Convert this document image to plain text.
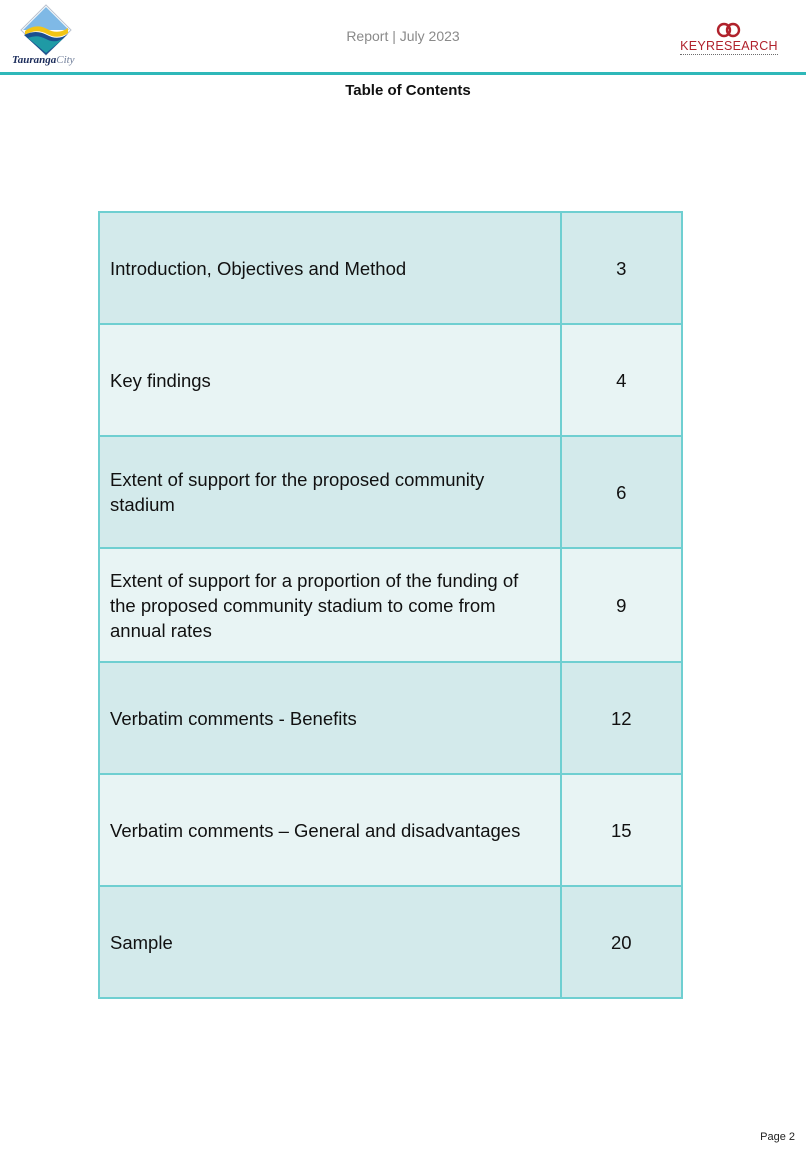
TaurangaCity
Report | July 2023
KEYRESEARCH
Table of Contents
Introduction, Objectives and Method	3
Key findings	4
Extent of support for the proposed community stadium	6
Extent of support for a proportion of the funding of the proposed community stadium to come from annual rates	9
Verbatim comments - Benefits	12
Verbatim comments – General and disadvantages	15
Sample	20
Page 2
